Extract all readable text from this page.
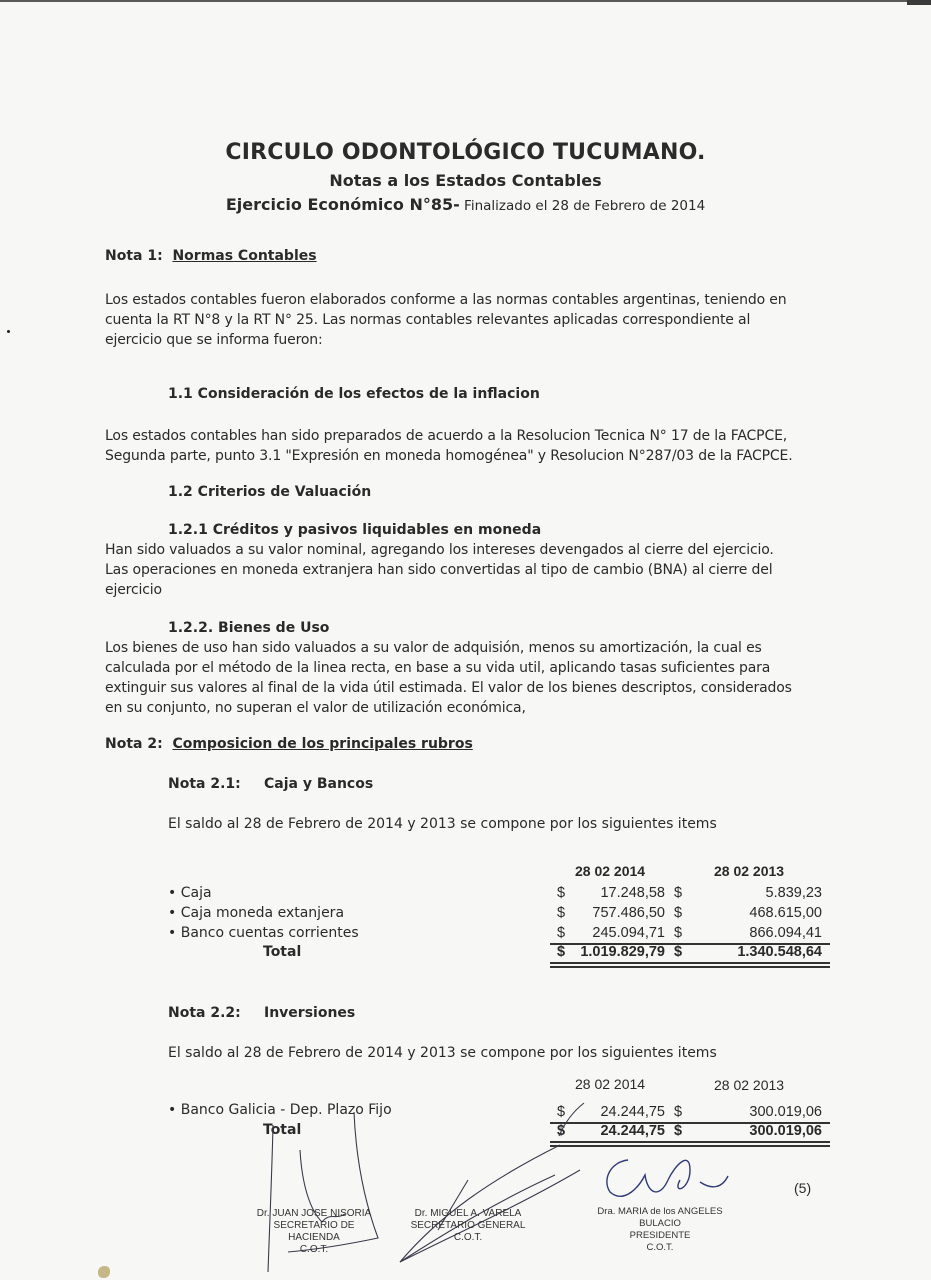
CIRCULO ODONTOLÓGICO TUCUMANO.
Notas a los Estados Contables
Ejercicio Económico N°85- Finalizado el 28 de Febrero de 2014
Nota 1: Normas Contables
Los estados contables fueron elaborados conforme a las normas contables argentinas, teniendo en
cuenta la RT N°8 y la RT N° 25. Las normas contables relevantes aplicadas correspondiente al
ejercicio que se informa fueron:
1.1 Consideración de los efectos de la inflacion
Los estados contables han sido preparados de acuerdo a la Resolucion Tecnica N° 17 de la FACPCE,
Segunda parte, punto 3.1 "Expresión en moneda homogénea" y Resolucion N°287/03 de la FACPCE.
1.2 Criterios de Valuación
1.2.1 Créditos y pasivos liquidables en moneda
Han sido valuados a su valor nominal, agregando los intereses devengados al cierre del ejercicio.
Las operaciones en moneda extranjera han sido convertidas al tipo de cambio (BNA) al cierre del
ejercicio
1.2.2. Bienes de Uso
Los bienes de uso han sido valuados a su valor de adquisión, menos su amortización, la cual es
calculada por el método de la linea recta, en base a su vida util, aplicando tasas suficientes para
extinguir sus valores al final de la vida útil estimada. El valor de los bienes descriptos, considerados
en su conjunto, no superan el valor de utilización económica,
Nota 2: Composicion de los principales rubros
Nota 2.1: Caja y Bancos
El saldo al 28 de Febrero de 2014 y 2013 se compone por los siguientes items
28 02 2014	28 02 2013
• Caja	$	17.248,58 $	5.839,23
• Caja moneda extanjera	$	757.486,50 $	468.615,00
• Banco cuentas corrientes	$	245.094,71 $	866.094,41
Total	$	1.019.829,79 $	1.340.548,64
Nota 2.2: Inversiones
El saldo al 28 de Febrero de 2014 y 2013 se compone por los siguientes items
28 02 2014	28 02 2013
• Banco Galicia - Dep. Plazo Fijo	$	24.244,75 $	300.019,06
Total	$	24.244,75 $	300.019,06
Dr. JUAN JOSE NISORIA
SECRETARIO DE HACIENDA
C.O.T.
Dr. MIGUEL A. VARELA
SECRETARIO GENERAL
C.O.T.
Dra. MARIA de los ANGELES BULACIO
PRESIDENTE
C.O.T.
(5)
